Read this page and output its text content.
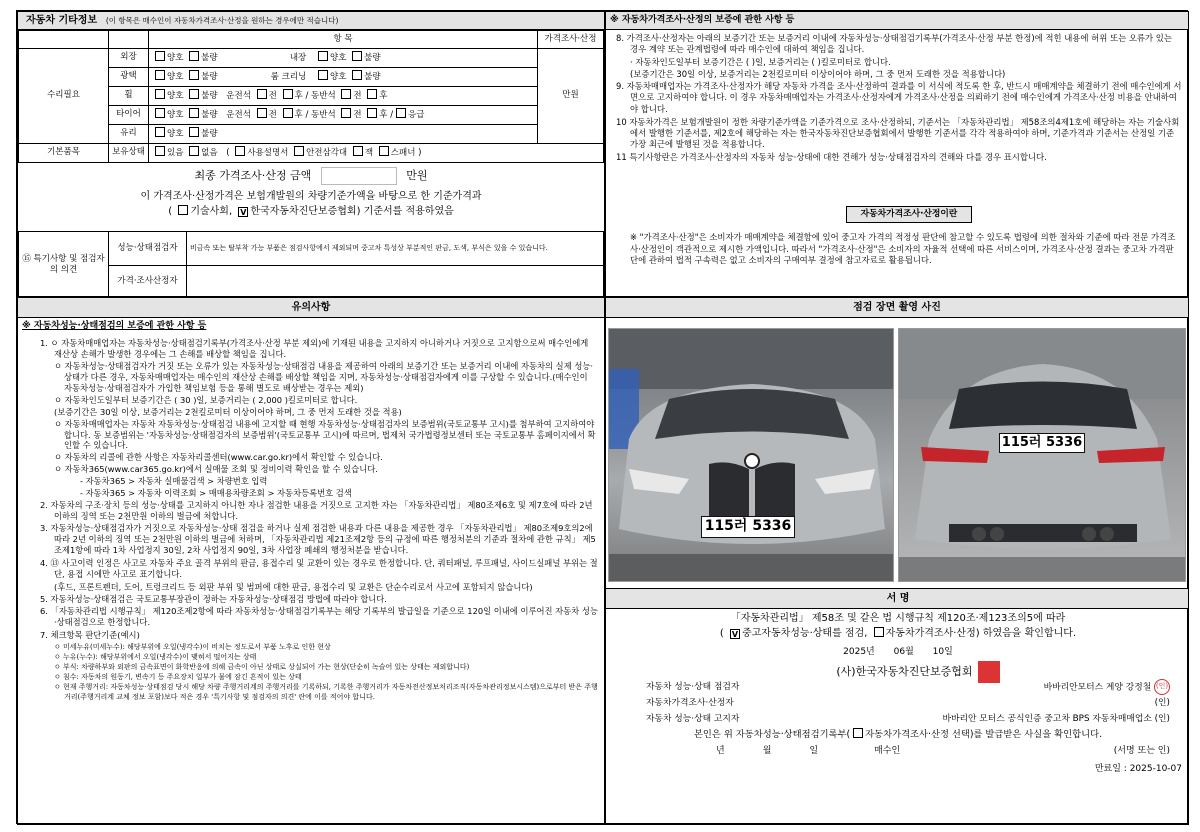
자동차 기타정보 (이 항목은 매수인이 자동차가격조사·산정을 원하는 경우에만 적습니다)
		항 목	가격조사·산정
수리필요	외장	양호 불량 내장 양호 불량	만원
	광택	양호 불량 룸 크리닝 양호 불량	
	휠	양호 불량 운전석 전 후 / 동반석 전 후	
	타이어	양호 불량 운전석 전 후 / 동반석 전 후 / 응급	
	유리	양호 불량	
기본품목	보유상태	있음 없음 ( 사용설명서 안전삼각대 잭 스패너 )	
최종 가격조사·산정 금액	만원
이 가격조사·산정가격은 보험개발원의 차량기준가액을 바탕으로 한 기준가격과
( 기술사회, V한국자동차진단보증협회) 기준서를 적용하였음
⑮ 특기사항 및 점검자의 의견	성능·상태점검자	비금속 또는 탈부착 가능 부품은 점검사항에서 제외되며 중고차 특성상 부분적인 판금, 도색, 부식은 있을 수 있습니다.
	가격·조사산정자	
※ 자동차가격조사·산정의 보증에 관한 사항 등
8. 가격조사·산정자는 아래의 보증기간 또는 보증거리 이내에 자동차성능·상태점검기록부(가격조사·산정 부분 한정)에 적힌 내용에 허위 또는 오류가 있는 경우 계약 또는 관계법령에 따라 매수인에 대하여 책임을 집니다.
· 자동차인도일부터 보증기간은 ( )일, 보증거리는 ( )킬로미터로 합니다.
(보증기간은 30일 이상, 보증거리는 2천킬로미터 이상이어야 하며, 그 중 먼저 도래한 것을 적용합니다)
9. 자동차매매업자는 가격조사·산정자가 해당 자동차 가격을 조사·산정하여 결과를 이 서식에 적도록 한 후, 반드시 매매계약을 체결하기 전에 매수인에게 서면으로 고지하여야 합니다. 이 경우 자동차매매업자는 가격조사·산정자에게 가격조사·산정을 의뢰하기 전에 매수인에게 가격조사·산정 비용을 안내하여야 합니다.
10 자동차가격은 보험개발원이 정한 차량기준가액을 기준가격으로 조사·산정하되, 기준서는 「자동차관리법」 제58조의4제1호에 해당하는 자는 기술사회에서 발행한 기준서를, 제2호에 해당하는 자는 한국자동차진단보증협회에서 발행한 기준서를 각각 적용하여야 하며, 기준가격과 기준서는 산정일 기준 가장 최근에 발행된 것을 적용합니다.
11 특기사항란은 가격조사·산정자의 자동차 성능·상태에 대한 견해가 성능·상태점검자의 견해와 다를 경우 표시합니다.
자동차가격조사·산정이란
※ "가격조사·산정"은 소비자가 매매계약을 체결함에 있어 중고자 가격의 적정성 판단에 참고할 수 있도록 법령에 의한 절차와 기준에 따라 전문 가격조사·산정인이 객관적으로 제시한 가액입니다. 따라서 "가격조사·산정"은 소비자의 자율적 선택에 따른 서비스이며, 가격조사·산정 결과는 중고차 가격판단에 관하여 법적 구속력은 없고 소비자의 구매여부 결정에 참고자료로 활용됩니다.
유의사항
※ 자동차성능·상태점검의 보증에 관한 사항 등
1. ㅇ 자동차매매업자는 자동차성능·상태점검기록부(가격조사·산정 부분 제외)에 기재된 내용을 고지하지 아니하거나 거짓으로 고지함으로써 매수인에게 재산상 손해가 발생한 경우에는 그 손해를 배상할 책임을 집니다.
ㅇ 자동차성능·상태점검자가 거짓 또는 오류가 있는 자동차성능·상태점검 내용을 제공하여 아래의 보증기간 또는 보증거리 이내에 자동차의 실제 성능·상태가 다른 경우, 자동차매매업자는 매수인의 재산상 손해를 배상할 책임을 지며, 자동차성능·상태점검자에게 이를 구상할 수 있습니다.(매수인이 자동차성능·상태점검자가 가입한 책임보험 등을 통해 별도로 배상받는 경우는 제외)
ㅇ 자동차인도일부터 보증기간은 ( 30 )일, 보증거리는 ( 2,000 )킬로미터로 합니다.
(보증기간은 30일 이상, 보증거리는 2천킬로미터 이상이어야 하며, 그 중 먼저 도래한 것을 적용)
ㅇ 자동차매매업자는 자동차 자동차성능·상태점검 내용에 고지할 때 현행 자동차성능·상태점검자의 보증범위(국토교통부 고시)를 첨부하여 고지하여야 합니다. 동 보증범위는 '자동차성능·상태점검자의 보증범위'(국토교통부 고시)에 따르며, 법제처 국가법령정보센터 또는 국토교통부 홈페이지에서 확인할 수 있습니다.
ㅇ 자동차의 리콜에 관한 사항은 자동차리콜센터(www.car.go.kr)에서 확인할 수 있습니다.
ㅇ 자동차365(www.car365.go.kr)에서 실매물 조회 및 정비이력 확인을 할 수 있습니다.
- 자동차365 > 자동차 실매물검색 > 차량번호 입력
- 자동차365 > 자동차 이력조회 > 매매용차량조회 > 자동차등록번호 검색
2. 자동차의 구조·장치 등의 성능·상태를 고지하지 아니한 자나 점검한 내용을 거짓으로 고지한 자는 「자동차관리법」 제80조제6호 및 제7호에 따라 2년 이하의 징역 또는 2천만원 이하의 벌금에 처합니다.
3. 자동차성능·상태점검자가 거짓으로 자동차성능·상태 점검을 하거나 실제 점검한 내용과 다른 내용을 제공한 경우 「자동차관리법」 제80조제9호의2에 따라 2년 이하의 징역 또는 2천만원 이하의 벌금에 처하며, 「자동차관리법 제21조제2항 등의 규정에 따른 행정처분의 기준과 절차에 관한 규칙」 제5조제1항에 따라 1차 사업정지 30일, 2차 사업정지 90일, 3차 사업장 폐쇄의 행정처분을 받습니다.
4. ⑬ 사고이력 인정은 사고로 자동차 주요 골격 부위의 판금, 용접수리 및 교환이 있는 경우로 한정합니다. 단, 쿼터패널, 루프패널, 사이드실패널 부위는 절단, 용접 시에만 사고로 표기합니다.
(후드, 프론트펜더, 도어, 트렁크리드 등 외판 부위 및 범퍼에 대한 판금, 용접수리 및 교환은 단순수리로서 사고에 포함되지 않습니다)
5. 자동차성능·상태점검은 국토교통부장관이 정하는 자동차성능·상태점검 방법에 따라야 합니다.
6. 「자동차관리법 시행규칙」 제120조제2항에 따라 자동차성능·상태점검기록부는 해당 기록부의 발급일을 기준으로 120일 이내에 이루어진 자동차 성능·상태점검으로 한정합니다.
7. 체크항목 판단기준(예시)
ㅇ 미세누유(미세누수): 해당부위에 오일(냉각수)이 비치는 정도로서 부품 노후로 인한 현상
ㅇ 누유(누수): 해당부위에서 오일(냉각수)이 맺혀서 떨어지는 상태
ㅇ 부식: 차량하부와 외판의 금속표면이 화학반응에 의해 금속이 아닌 상태로 상실되어 가는 현상(단순히 녹슬어 있는 상태는 제외합니다)
ㅇ 침수: 자동차의 원동기, 변속기 등 주요장치 일부가 물에 잠긴 흔적이 있는 상태
ㅇ 현재 주행거리: 자동차성능·상태점검 당시 해당 차량 주행거리계의 주행거리를 기록하되, 기록한 주행거리가 자동차전산정보처리조직(자동차관리정보시스템)으로부터 받은 주행거리(주행거리계 교체 정보 포함)보다 적은 경우 '특기사항 및 점검자의 의견' 란에 이를 적어야 합니다.
점검 장면 촬영 사진
115러 5336
115러 5336
서 명
「자동차관리법」 제58조 및 같은 법 시행규칙 제120조·제123조의5에 따라
( V중고자동차성능·상태를 점검, 자동차가격조사·산정) 하였음을 확인합니다.
2025년 06월 10일
(사)한국자동차진단보증협회
자동차 성능·상태 점검자	바바리안모터스 계양 강정철 (인)
자동차가격조사·산정자	(인)
자동차 성능·상태 고지자	바바리안 모터스 공식인증 중고차 BPS 자동차매매업소 (인)
본인은 위 자동차성능·상태점검기록부( 자동차가격조사·산정 선택)를 발급받은 사실을 확인합니다.
년	월	일	매수인	(서명 또는 인)
만료일 : 2025-10-07
